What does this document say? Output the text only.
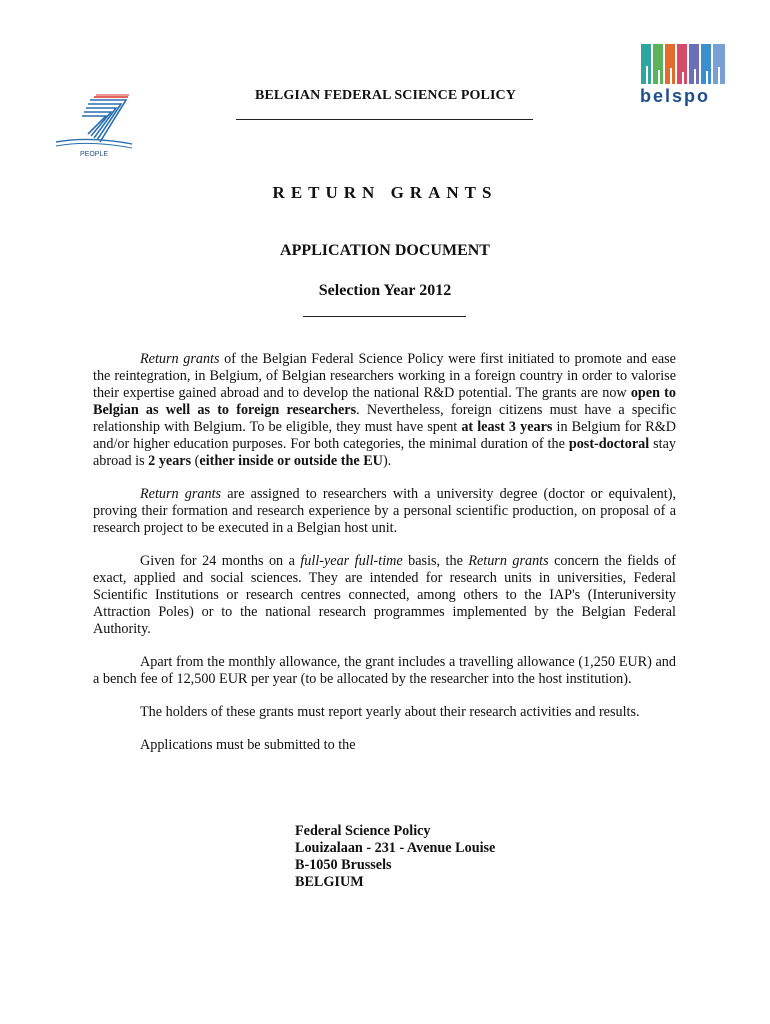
PEOPLE
belspo
BELGIAN FEDERAL SCIENCE POLICY
RETURN GRANTS
APPLICATION DOCUMENT
Selection Year 2012

Return grants of the Belgian Federal Science Policy were first initiated to promote and ease the reintegration, in Belgium, of Belgian researchers working in a foreign country in order to valorise their expertise gained abroad and to develop the national R&D potential. The grants are now open to Belgian as well as to foreign researchers. Nevertheless, foreign citizens must have a specific relationship with Belgium. To be eligible, they must have spent at least 3 years in Belgium for R&D and/or higher education purposes. For both categories, the minimal duration of the post-doctoral stay abroad is 2 years (either inside or outside the EU).

Return grants are assigned to researchers with a university degree (doctor or equivalent), proving their formation and research experience by a personal scientific production, on proposal of a research project to be executed in a Belgian host unit.

Given for 24 months on a full-year full-time basis, the Return grants concern the fields of exact, applied and social sciences. They are intended for research units in universities, Federal Scientific Institutions or research centres connected, among others to the IAP's (Interuniversity Attraction Poles) or to the national research programmes implemented by the Belgian Federal Authority.

Apart from the monthly allowance, the grant includes a travelling allowance (1,250 EUR) and a bench fee of 12,500 EUR per year (to be allocated by the researcher into the host institution).

The holders of these grants must report yearly about their research activities and results.

Applications must be submitted to the

Federal Science Policy
Louizalaan - 231 - Avenue Louise
B-1050 Brussels
BELGIUM
